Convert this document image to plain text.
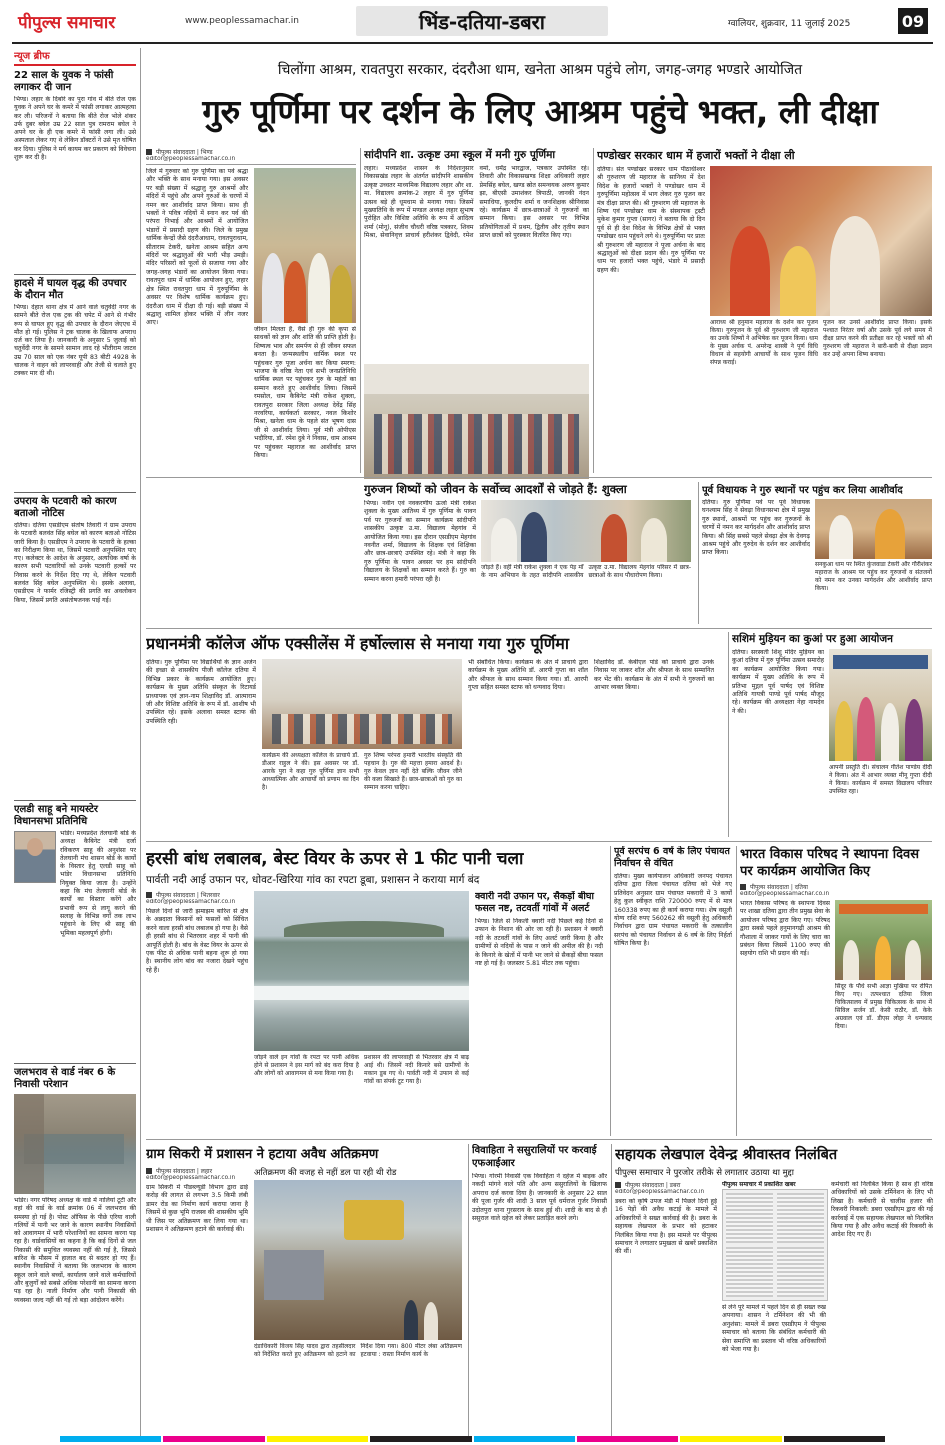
पीपुल्स समाचार	www.peoplessamachar.in	भिंड-दतिया-डबरा	ग्वालियर, शुक्रवार, 11 जुलाई 2025	09
न्यूज ब्रीफ
22 साल के युवक ने फांसी लगाकर दी जान
भिण्ड। लहार के दिबोरे का पुरा गांव में बीते रोज एक युवक ने अपने घर के कमरे में फांसी लगाकर आत्महत्या कर ली। परिजनों ने बताया कि बीते रोज भोले शंकर उर्फ दुबर बघेल उम्र 22 साल पुत्र रामराम बघेल ने अपने घर के ही एक कमरे में फांसी लगा ली। उसे अस्पताल लेकर गए थे लेकिन डॉक्टरों ने उसे मृत घोषित कर दिया। पुलिस ने मर्ग कायम कर प्रकरण को विवेचना शुरू कर दी है।
हादसे में घायल वृद्ध की उपचार के दौरान मौत
भिण्ड। देहात थाना क्षेत्र में आने वाले चतुर्वेदी नगर के सामने बीते रोज एक ट्रक की चपेट में आने से गंभीर रूप से घायल हुए वृद्ध की उपचार के दौरान जेएएच में मौत हो गई। पुलिस ने ट्रक चालक के खिलाफ अपराध दर्ज कर लिया है। जानकारी के अनुसार 5 जुलाई को चतुर्वेदी नगर के सामने सामान लाद रहे भीतीराम जाटव उम्र 70 साल को एक नंबर यूपी 83 बीटी 4928 के चालक ने वाहन को लापरवाही और तेजी से चलाते हुए टक्कर मार दी थी।
उपराय के पटवारी को कारण बताओ नोटिस
दतिया। दतिया एसडीएम संतोष तिवारी ने ग्राम उपराय के पटवारी बलवंत सिंह बघेल को कारण बताओ नोटिस जारी किया है। एसडीएम ने उपराय के पटवारी के हल्का का निरीक्षण किया था, जिसमें पटवारी अनुपस्थित पाए गए। कलेक्टर के आदेश के अनुसार, अत्यधिक वर्षा के कारण सभी पटवारियों को उनके पटवारी हल्कों पर निवास करने के निर्देश दिए गए थे, लेकिन पटवारी बलवंत सिंह बघेल अनुपस्थित थे। इसके अलावा, एसडीएम ने फार्मर रजिस्ट्री की प्रगति का अवलोकन किया, जिसमें प्रगति असंतोषजनक पाई गई।
एलडी साहू बने मायस्टेर विधानसभा प्रतिनिधि
भांडेर। मध्यप्रदेश तेलघानी बोर्ड के अध्यक्ष कैबिनेट मंत्री दर्जा रविकरण साहू की अनुशंसा पर तेलघानी मंच शासन बोर्ड के कार्यों के विस्तार हेतु एलडी साहू को भांडेर विधानसभा प्रतिनिधि नियुक्त किया जाता है। उन्होंने कहा कि मंच तेलघानी बोर्ड के कार्यों का विस्तार करेंगे और प्रभावी रूप से लागू करने की सलाह के विभिन्न वर्गों तक लाभ पहुंचाने के लिए श्री साहू की भूमिका महत्वपूर्ण होगी।
जलभराव से वार्ड नंबर 6 के निवासी परेशान
भांडेर। नगर परिषद अध्यक्ष के वार्ड में नालियां टूटी और वहां की वार्ड के वार्ड क्रमांक 06 में जलभराव की समस्या हो गई है। पोस्ट ऑफिस के पीछे एरिया वाली गलियों में पानी भर जाने के कारण स्थानीय निवासियों को आवागमन में भारी परेशानियों का सामना करना पड़ रहा है। वार्डवासियों का कहना है कि कई दिनों से जल निकासी की समुचित व्यवस्था नहीं की गई है, जिससे बारिश के मौसम में हालात बद से बदतर हो गए हैं। स्थानीय निवासियों ने बताया कि जलभराव के कारण स्कूल जाने वाले बच्चों, कार्यालय जाने वाले कर्मचारियों और बुजुर्गों को सबसे अधिक परेशानी का सामना करना पड़ रहा है। नाली निर्माण और पानी निकासी की व्यवस्था जल्द नहीं की गई तो बड़ा आंदोलन करेंगे।
चिलोंगा आश्रम, रावतपुरा सरकार, दंदरौआ धाम, खनेता आश्रम पहुंचे लोग, जगह-जगह भण्डारे आयोजित
गुरु पूर्णिमा पर दर्शन के लिए आश्रम पहुंचे भक्त, ली दीक्षा
पीपुल्स संवाददाता | भिण्ड
editor@peoplessamachar.co.in
जिले में गुरुवार को गुरु पूर्णिमा का पर्व श्रद्धा और भक्ति के साथ मनाया गया। इस अवसर पर बड़ी संख्या में श्रद्धालु गुरु आश्रमों और मंदिरों में पहुंचे और अपने गुरुओं के चरणों में नमन कर आशीर्वाद प्राप्त किया। साथ ही भक्तों ने पवित्र नदियों में स्नान कर पर्व की परंपरा निभाई और आश्रमों में आयोजित भंडारों में प्रसादी ग्रहण की। जिले के प्रमुख धार्मिक केन्द्रों जैसे दंदरौआधाम, रावतपुराधाम, सीताराम टेकरी, खनेता आश्रम सहित अन्य मंदिरों पर श्रद्धालुओं की भारी भीड़ उमड़ी। मंदिर परिसरों को फूलों से सजाया गया और जगह-जगह भंडारों का आयोजन किया गया। रावतपुरा धाम में धार्मिक आयोजन हुए, लहार क्षेत्र स्थित रावतपुरा धाम में गुरुपूर्णिमा के अवसर पर विशेष धार्मिक कार्यक्रम हुए। दंदरौआ धाम में दीक्षा दी गई। बड़ी संख्या में श्रद्धालु शामिल होकर भक्ति में लीन नजर आए।
जीवन मिलता है, वैसे ही गुरु की कृपा से साधकों को ज्ञान और शांति की प्राप्ति होती है। शिष्यत्व भाव और समर्पण से ही जीवन सफल बनता है। जन्मस्थलीय धार्मिक स्थल पर पहुंचकर गुरु पूजा अर्चना कर किया स्मरण: भाजपा के वरिष्ठ नेता एवं सभी जनप्रतिनिधि धार्मिक स्थल पर पहुंचकर गुरु के महंतों का सम्मान करते हुए आशीर्वाद लिया। जिसमें रमसोल, धाम कैबिनेट मंत्री राकेश शुक्ला, रावतपुरा सरकार जिला अध्यक्ष देवेंद्र सिंह नरवरिया, कार्यकर्ता सरकार, नवल किशोर मिश्रा, खनेता धाम के पहले संत भूषण दास जी से आशीर्वाद लिया। पूर्व मंत्री ओपीएस भदौरिया, डॉ. रमेश दुबे ने निवास, धाम आश्रम पर पहुंचकर महाराज का आशीर्वाद प्राप्त किया।
सांदीपनि शा. उत्कृष्ट उमा स्कूल में मनी गुरु पूर्णिमा
लहार। मध्यप्रदेश शासन के निर्देशानुसार विकासखंड लहार के अंतर्गत सांदीपनि शासकीय उत्कृष्ट उच्चतर माध्यमिक विद्यालय लहार और शा. मा. विद्यालय क्रमांक-2 लहार में गुरु पूर्णिमा उत्सव बड़े ही धूमधाम से मनाया गया। जिसमें मुख्यातिथि के रूप में मण्डल अध्यक्ष लहार सुभाष पुरोहित और विशिष्ट अतिथि के रूप में आदित्य शर्मा (मोनू), संजीव चौधरी वरिष्ठ पत्रकार, शिवम मिश्रा, सेवानिवृत्त प्राचार्य हरीशंकर द्विवेदी, रमेश वर्मा, धर्मेंद्र भारद्वाज, पत्रकार उपस्थित रहे। तिवारी और विकासखण्ड शिक्षा अधिकारी लहार प्रेमसिंह बघेल, खण्ड स्रोत समन्वयक अरुण कुमार झा, बीएसी उमाशंकर त्रिपाठी, जानकी नंदन समाधिया, कुलदीप शर्मा व जनशिक्षक श्रीनिवास रहे। कार्यक्रम में छात्र-छात्राओं ने गुरुजनों का सम्मान किया। इस अवसर पर विभिन्न प्रतियोगिताओं में प्रथम, द्वितीय और तृतीय स्थान प्राप्त छात्रों को पुरस्कार वितरित किए गए।
पण्डोखर सरकार धाम में हजारों भक्तों ने दीक्षा ली
दतिया। संत पण्डोखर सरकार धाम पीठाधीश्वर श्री गुरुशरण जी महाराज के सानिध्य में देश विदेश के हजारों भक्तों ने पण्डोखर धाम में गुरुपूर्णिमा महोत्सव में भाग लेकर गुरु पूजन कर मंत्र दीक्षा प्राप्त की। श्री गुरुशरण जी महाराज के शिष्य एवं पण्डोखर धाम के संस्थापक ट्रस्टी मुकेश कुमार गुप्ता (सागर) ने बताया कि दो दिन पूर्व से ही देश विदेश के विभिन्न क्षेत्रों से भक्त पण्डोखर धाम पहुंचने लगे थे। गुरुपूर्णिमा पर प्रातः श्री गुरुशरण जी महाराज ने पूजा अर्चना के बाद श्रद्धालुओं को दीक्षा प्रदान की। गुरु पूर्णिमा पर धाम पर हजारों भक्त पहुंचे, भंडारे में प्रसादी ग्रहण की।
आराध्य श्री हनुमान महाराज के दर्शन कर पूजन किया। गुरुपूजन के पूर्व श्री गुरुशरण जी महाराज का उनके शिष्यों ने अभिषेक कर पूजन किया। धाम के मुख्य अर्चक पं. अमरेन्द्र शास्त्री ने पूर्ण विधि विधान से सहयोगी आचार्यों के साथ पूजन विधि संपन्न कराई।
पूजन कर उनसे आशीर्वाद प्राप्त किया। इसके पश्चात निरंतर वर्षा और उसके पूर्व लगे समय में दीक्षा प्राप्त करने की प्रतीक्षा कर रहे भक्तों को श्री गुरुशरण जी महाराज ने बारी-बारी से दीक्षा प्रदान कर उन्हें अपना शिष्य बनाया।
गुरुजन शिष्यों को जीवन के सर्वोच्च आदर्शों से जोड़ते हैं: शुक्ला
भिण्ड। नवीन एवं नवकरणीय ऊर्जा मंत्री राकेश शुक्ला के मुख्य आतिथ्य में गुरु पूर्णिमा के पावन पर्व पर गुरुजनों का सम्मान कार्यक्रम सांदीपनि शासकीय उत्कृष्ट उ.मा. विद्यालय मेहगांव में आयोजित किया गया। इस दौरान एसडीएम मेहगांव नवनीत शर्मा, विद्यालय के शिक्षक एवं शिक्षिका और छात्र-छात्राएं उपस्थित रहे। मंत्री ने कहा कि गुरु पूर्णिमा के पावन अवसर पर हम सांदीपनि विद्यालय के शिक्षकों का सम्मान करते हैं। गुरु का सम्मान करना हमारी परंपरा रही है।
जोड़ते हैं। वहीं मंत्री राकेश शुक्ला ने एक पेड़ माँ के नाम अभियान के तहत सांदीपनि शासकीय उत्कृष्ट उ.मा. विद्यालय मेहगांव परिसर में छात्र-छात्राओं के साथ पौधारोपण किया।
पूर्व विधायक ने गुरु स्थानों पर पहुंच कर लिया आशीर्वाद
दतिया। गुरु पूर्णिमा पर्व पर पूर्व विधायक घनश्याम सिंह ने सेवढ़ा विधानसभा क्षेत्र में प्रमुख गुरु स्थानों, आश्रमों पर पहुंच कर गुरुजनों के चरणों में नमन कर मार्गदर्शन और आशीर्वाद प्राप्त किया। श्री सिंह सबसे पहले सेवढ़ा क्षेत्र के देवगढ़ आश्रम पहुंचे और गुरुदेव के दर्शन कर आशीर्वाद प्राप्त किया।
सनकुआ धाम पर स्थित कुंजवाडा टेकरी और गौरीशंकर महाराज के आश्रम पर पहुंच कर गुरुजनों व संतजनों को नमन कर उनका मार्गदर्शन और आशीर्वाद प्राप्त किया।
प्रधानमंत्री कॉलेज ऑफ एक्सीलेंस में हर्षोल्लास से मनाया गया गुरु पूर्णिमा
दतिया। गुरु पूर्णिमा पर विद्यार्थियों के ज्ञान अर्जन की इच्छा से शासकीय पीजी कॉलेज दतिया में विभिन्न प्रकार के कार्यक्रम आयोजित हुए। कार्यक्रम के मुख्य अतिथि संस्कृत के रिटायर्ड प्राध्यापक एवं ज्ञान-नाम शिक्षाविद डॉ. आत्माराम जी और विशिष्ट अतिथि के रूप में डॉ. आशीष भी उपस्थित रहे। इसके अलावा समस्त स्टाफ की उपस्थिति रही।
कार्यक्रम की अध्यक्षता कॉलेज के प्राचार्य डॉ. डीआर राहुल ने की। इस अवसर पर डॉ. आरके पुरा ने कहा गुरु पूर्णिमा ज्ञान सभी आध्यात्मिक और आचार्यों को प्रणाम का दिन है।
गुरु शिष्य परंपरा हमारी भारतीय संस्कृति की पहचान है। गुरु की महत्ता हमारा आदर्श है। गुरु केवल ज्ञान नहीं देते बल्कि जीवन जीने की कला सिखाते हैं। छात्र-छात्राओं को गुरु का सम्मान करना चाहिए।
भी संबोधित किया। कार्यक्रम के अंत में प्राचार्य द्वारा कार्यक्रम के मुख्य अतिथि डॉ. आरपी गुप्ता का शॉल और श्रीफल के साथ सम्मान किया गया। डॉ. आरपी गुप्ता सहित समस्त स्टाफ को धन्यवाद दिया।
शिक्षाविद डॉ. केबीएल पांडे को प्राचार्य द्वारा उनके निवास पर जाकर शॉल और श्रीफल के साथ सम्मानित कर भेंट की। कार्यक्रम के अंत में सभी ने गुरुजनों का आभार व्यक्त किया।
सशिमं मुड़ियन का कुआं पर हुआ आयोजन
दतिया। सरस्वती शिशु मंदिर मुड़ियन का कुआं दतिया में गुरु पूर्णिमा उत्सव समारोह का कार्यक्रम आयोजित किया गया। कार्यक्रम में मुख्य अतिथि के रूप में प्रतिभा मुद्गल पूर्व पार्षद एवं विशिष्ट अतिथि गायत्री पाण्डे पूर्व पार्षद मौजूद रहे। कार्यक्रम की अध्यक्षता नेहा नामदेव ने की।
आपनी प्रस्तुति दी। संचालन गीतेश पाण्डेय दीदी ने किया। अंत में आभार व्यक्त मीनू गुप्ता दीदी ने किया। कार्यक्रम में समस्त विद्यालय परिवार उपस्थित रहा।
हरसी बांध लबालब, बेस्ट वियर के ऊपर से 1 फीट पानी चला
पार्वती नदी आई उफान पर, धोवट-खिरिया गांव का रपटा डूबा, प्रशासन ने कराया मार्ग बंद
पीपुल्स संवाददाता | भितरवार
editor@peoplessamachar.co.in
पिछले दिनों से जारी झमाझम बारिश से क्षेत्र के अन्नदाता किसानों को फसलों को सिंचित करने वाला हरसी बांध लबालब हो गया है। वैसे ही हरसी बांध से भितरवार शहर में पानी की आपूर्ति होती है। बांध के वेस्ट वियर के ऊपर से एक फीट से अधिक पानी बहना शुरू हो गया है। स्थानीय लोग बांध का नजारा देखने पहुंच रहे हैं।
जोड़ने वाले इन गांवों के रपटा पर पानी अधिक होने से प्रशासन ने इस मार्ग को बंद करा दिया है और लोगों को आवागमन से मना किया गया है।
प्रशासन की लापरवाही से भितरवार क्षेत्र में बाढ़ आई थी। जिसमें नदी किनारे बसे ग्रामीणों के मकान डूब गए थे। पार्वती नदी में उफान से कई गांवों का संपर्क टूट गया है।
क्वारी नदी उफान पर, सैकड़ों बीघा फसल नष्ट, तटवर्ती गांवों में अलर्ट
भिण्ड। जिले से निकली क्वारी नदी पिछले कई दिनों से उफान के निशान की ओर जा रही है। प्रशासन ने क्वारी नदी के तटवर्ती गांवों के लिए अलर्ट जारी किया है और ग्रामीणों से नदियों के पास न जाने की अपील की है। नदी के किनारे के खेतों में पानी भर जाने से सैकड़ों बीघा फसल नष्ट हो गई है। जलस्तर 5.81 मीटर तक पहुंचा।
पूर्व सरपंच 6 वर्ष के लिए पंचायत निर्वाचन से वंचित
दतिया। मुख्य कार्यपालन अधिकारी जनपद पंचायत दतिया द्वारा जिला पंचायत दतिया को भेजे गए प्रतिवेदन अनुसार ग्राम पंचायत मकरारी में 3 कार्यों हेतु कुल स्वीकृत राशि 720000 रुपए में से मात्र 160338 रुपए का ही कार्य कराया गया। शेष वसूली योग्य राशि रुपए 560262 की वसूली हेतु अधिकारी निर्वाचन द्वारा ग्राम पंचायत मकरारी के तत्कालीन सरपंच को पंचायत निर्वाचन से 6 वर्ष के लिए निर्हर्ता घोषित किया है।
भारत विकास परिषद ने स्थापना दिवस पर कार्यक्रम आयोजित किए
पीपुल्स संवाददाता | दतिया
editor@peoplessamachar.co.in
भारत विकास परिषद के स्थापना दिवस पर शाखा दतिया द्वारा तीन प्रमुख सेवा के आयोजन परिषद द्वारा किए गए। परिषद द्वारा सबसे पहले हनुमानगढ़ी आश्रम की गौशाला में जाकर गायों के लिए चारा का प्रबंधन किया जिसमें 1100 रुपए की सहयोग राशि भी प्रदान की गई।
सिंदूर के पौधे सभी आज्ञा मुखिया पर रोपित किए गए। तत्पश्चात दतिया जिला चिकित्सालय में प्रमुख चिकित्सक के साथ में सिविल सर्जन डॉ. केसी राठौर, डॉ. केके अग्रवाल एवं डॉ. डीएस लोहा ने धन्यवाद दिया।
ग्राम सिकरी में प्रशासन ने हटाया अवैध अतिक्रमण
पीपुल्स संवाददाता | लहार
editor@peoplessamachar.co.in
ग्राम सिकरी में पीडब्ल्यूडी विभाग द्वारा ढाई करोड़ की लागत से लगभग 3.5 किमी लंबी डामर रोड का निर्माण कार्य कराया जाना है जिसमें से कुछ भूमि राजस्व की शासकीय भूमि थी जिस पर अतिक्रमण कर लिया गया था। प्रशासन ने अतिक्रमण हटाने की कार्रवाई की।
अतिक्रमण की वजह से नहीं डल पा रही थी रोड
दंडाधिकारी विजय सिंह यादव द्वारा तहसीलदार को निर्देशित करते हुए अतिक्रमण को हटाने का निर्देश दिया गया। 800 मीटर लंबा अतिक्रमण हटवाया : रास्ता निर्माण कार्य के
विवाहिता ने ससुरालियों पर करवाई एफआईआर
भिण्ड। गोरमी निवासी एक विवाहिता ने दहेज में बाइक और नकदी मांगने वाले पति और अन्य ससुरालियों के खिलाफ अपराध दर्ज करवा दिया है। जानकारी के अनुसार 22 साल की पूजा गुर्जर की शादी 3 साल पूर्व धर्मराज गुर्जर निवासी उदोतपुरा थाना गुरसराय के साथ हुई थी। शादी के बाद से ही ससुराल वाले दहेज को लेकर प्रताड़ित करने लगे।
सहायक लेखपाल देवेन्द्र श्रीवास्तव निलंबित
पीपुल्स समाचार ने पुरजोर तरीके से लगातार उठाया था मुद्दा
पीपुल्स संवाददाता | डबरा
editor@peoplessamachar.co.in
डबरा को कृषि उपज मंडी में पिछले दिनों हुई 16 पेड़ों की अवैध कटाई के मामले में अधिकारियों ने सख्त कार्रवाई की है। डबरा के सहायक लेखपाल के प्रभार को हटाकर निलंबित किया गया है। इस मामले पर पीपुल्स समाचार ने लगातार प्रमुखता से खबरें प्रकाशित की थीं।
पीपुल्स समाचार में प्रकाशित खबर
से लेने पूरे मामले में पहले दिन से ही सख्त रुख अपनाया। शासन ने टर्मिनेशन की भी की अनुशंसा: मामले में डबरा एसडीएम ने पीपुल्स समाचार को बताया कि संबंधित कर्मचारी की सेवा समाप्ति का प्रस्ताव भी वरिष्ठ अधिकारियों को भेजा गया है।
कर्मचारी को निलंबित किया है साथ ही वरिष्ठ अधिकारियों को उसके टर्मिनेशन के लिए भी लिखा है। कर्मचारी से चालीस हजार की रिकवरी निकाली: डबरा एसडीएम द्वारा की गई कार्रवाई में एक सहायक लेखपाल को निलंबित किया गया है और अवैध कटाई की रिकवरी के आदेश दिए गए हैं।
